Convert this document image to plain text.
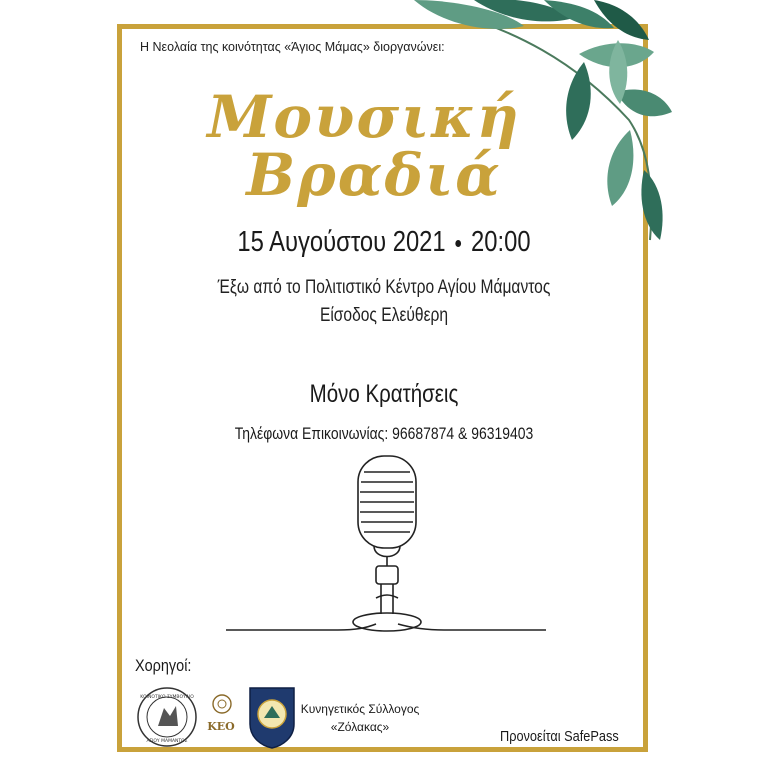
Η Νεολαία της κοινότητας «Άγιος Μάμας» διοργανώνει:
Μουσική
Βραδιά
15 Αυγούστου 2021 20:00
Έξω από το Πολιτιστικό Κέντρο Αγίου Μάμαντος
Είσοδος Ελεύθερη
Μόνο Κρατήσεις
Τηλέφωνα Επικοινωνίας: 96687874 & 96319403
Χορηγοί:
ΚΟΙΝΟΤΙΚΟ ΣΥΜΒΟΥΛΙΟ
ΑΓΙΟΥ ΜΑΜΑΝΤΟΣ
KEO
Κυνηγετικός Σύλλογος
«Ζόλακας»
Προνοείται SafePass
